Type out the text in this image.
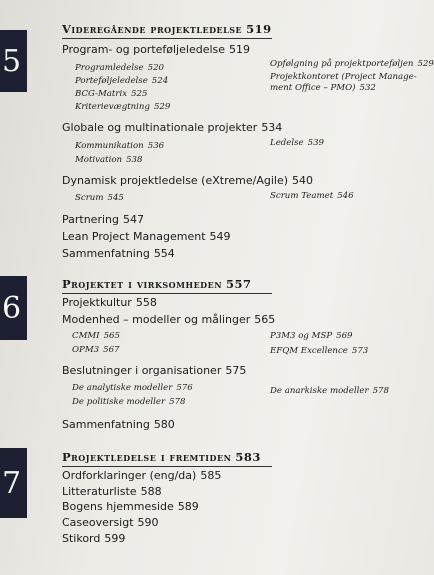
5
6
7
Videregående projektledelse 519
Program- og porteføljeledelse 519
Programledelse 520
Porteføljeledelse 524
BCG-Matrix 525
Kriterievægtning 529
Opfølgning på projektporteføljen 529
Projektkontoret (Project Manage-
ment Office – PMO) 532
Globale og multinationale projekter 534
Kommunikation 536
Motivation 538
Ledelse 539
Dynamisk projektledelse (eXtreme/Agile) 540
Scrum 545	Scrum Teamet 546
Partnering 547
Lean Project Management 549
Sammenfatning 554
Projektet i virksomheden 557
Projektkultur 558
Modenhed – modeller og målinger 565
CMMI 565
OPM3 567
P3M3 og MSP 569
EFQM Excellence 573
Beslutninger i organisationer 575
De analytiske modeller 576
De politiske modeller 578
De anarkiske modeller 578
Sammenfatning 580
Projektledelse i fremtiden 583
Ordforklaringer (eng/da) 585
Litteraturliste 588
Bogens hjemmeside 589
Caseoversigt 590
Stikord 599
